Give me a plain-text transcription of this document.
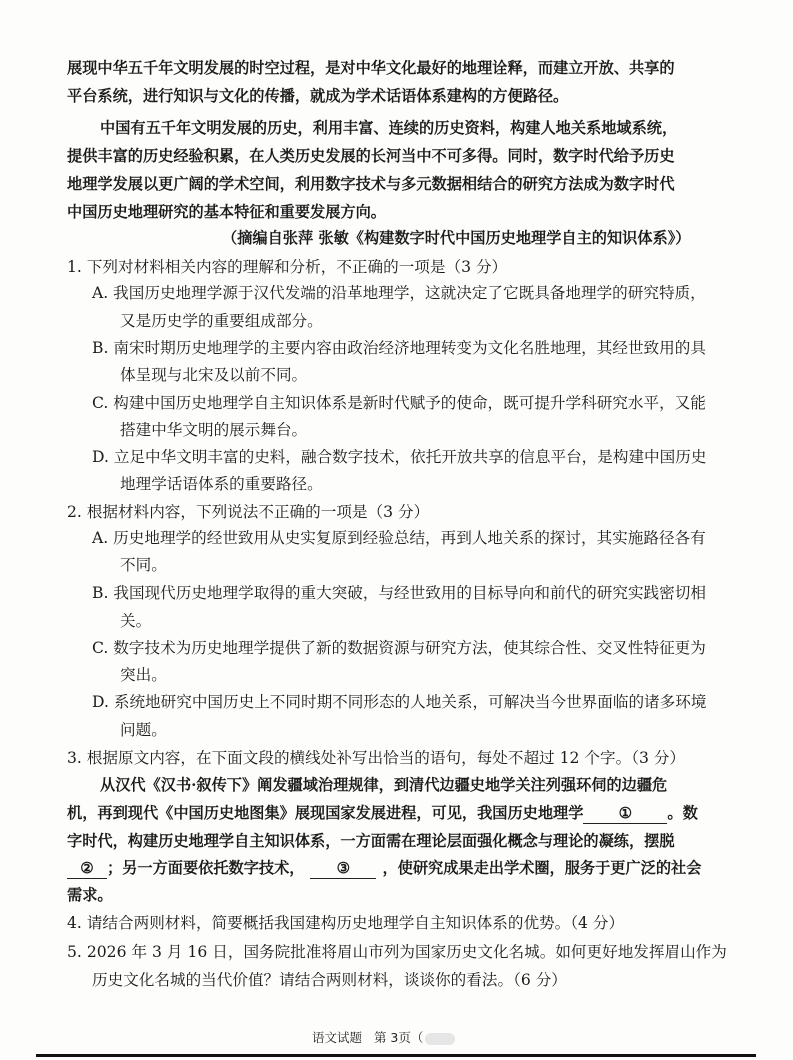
展现中华五千年文明发展的时空过程，是对中华文化最好的地理诠释，而建立开放、共享的
平台系统，进行知识与文化的传播，就成为学术话语体系建构的方便路径。
中国有五千年文明发展的历史，利用丰富、连续的历史资料，构建人地关系地域系统，
提供丰富的历史经验积累，在人类历史发展的长河当中不可多得。同时，数字时代给予历史
地理学发展以更广阔的学术空间，利用数字技术与多元数据相结合的研究方法成为数字时代
中国历史地理研究的基本特征和重要发展方向。
（摘编自张萍 张敏《构建数字时代中国历史地理学自主的知识体系》）
1. 下列对材料相关内容的理解和分析，不正确的一项是（3 分）
A. 我国历史地理学源于汉代发端的沿革地理学，这就决定了它既具备地理学的研究特质，
又是历史学的重要组成部分。
B. 南宋时期历史地理学的主要内容由政治经济地理转变为文化名胜地理，其经世致用的具
体呈现与北宋及以前不同。
C. 构建中国历史地理学自主知识体系是新时代赋予的使命，既可提升学科研究水平，又能
搭建中华文明的展示舞台。
D. 立足中华文明丰富的史料，融合数字技术，依托开放共享的信息平台，是构建中国历史
地理学话语体系的重要路径。
2. 根据材料内容，下列说法不正确的一项是（3 分）
A. 历史地理学的经世致用从史实复原到经验总结，再到人地关系的探讨，其实施路径各有
不同。
B. 我国现代历史地理学取得的重大突破，与经世致用的目标导向和前代的研究实践密切相
关。
C. 数字技术为历史地理学提供了新的数据资源与研究方法，使其综合性、交叉性特征更为
突出。
D. 系统地研究中国历史上不同时期不同形态的人地关系，可解决当今世界面临的诸多环境
问题。
3. 根据原文内容，在下面文段的横线处补写出恰当的语句，每处不超过 12 个字。（3 分）
从汉代《汉书·叙传下》阐发疆域治理规律，到清代边疆史地学关注列强环伺的边疆危
机，再到现代《中国历史地图集》展现国家发展进程，可见，我国历史地理学 ① 。数
字时代，构建历史地理学自主知识体系，一方面需在理论层面强化概念与理论的凝练，摆脱
② ；另一方面要依托数字技术， ③ ，使研究成果走出学术圈，服务于更广泛的社会
需求。
4. 请结合两则材料，简要概括我国建构历史地理学自主知识体系的优势。（4 分）
5. 2026 年 3 月 16 日，国务院批准将眉山市列为国家历史文化名城。如何更好地发挥眉山作为
历史文化名城的当代价值？请结合两则材料，谈谈你的看法。（6 分）
语文试题 第 3页（
